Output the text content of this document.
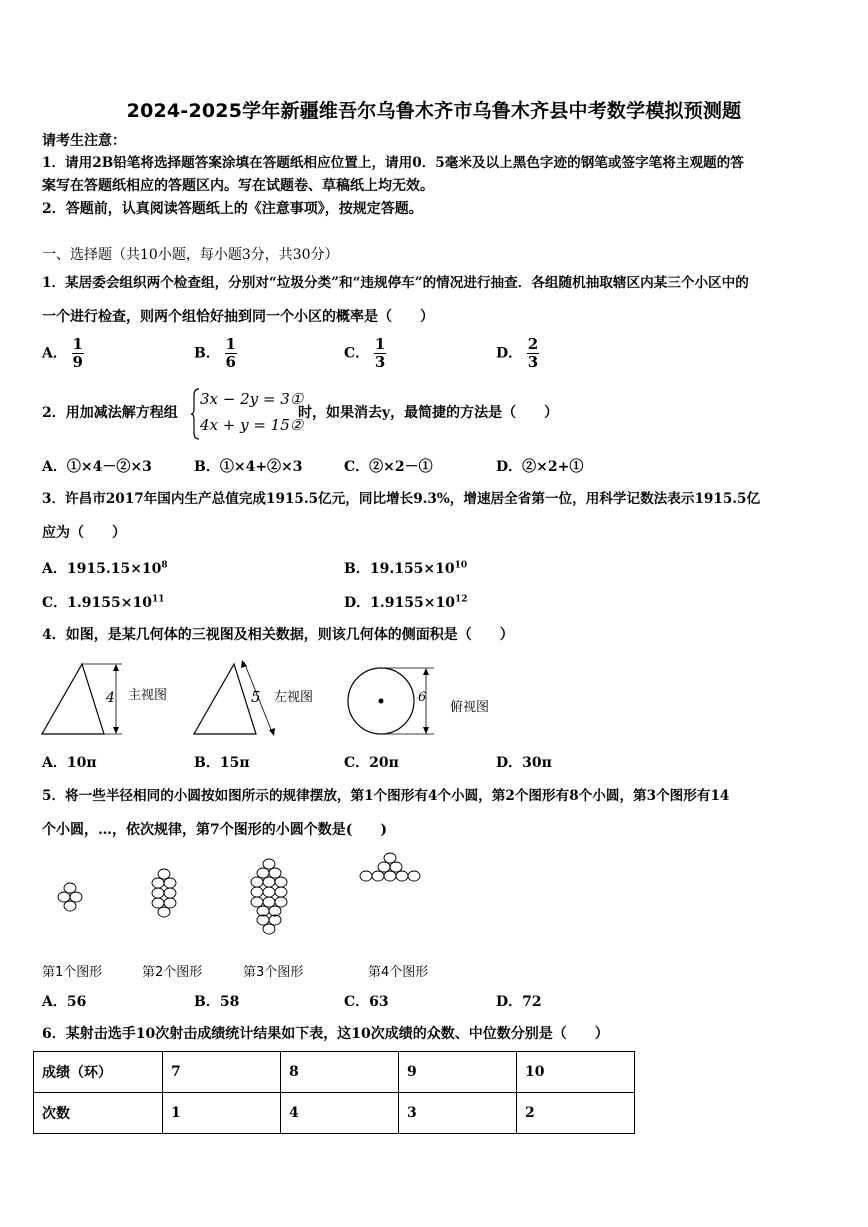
2024-2025学年新疆维吾尔乌鲁木齐市乌鲁木齐县中考数学模拟预测题
请考生注意：
1．请用2B铅笔将选择题答案涂填在答题纸相应位置上，请用0．5毫米及以上黑色字迹的钢笔或签字笔将主观题的答
案写在答题纸相应的答题区内。写在试题卷、草稿纸上均无效。
2．答题前，认真阅读答题纸上的《注意事项》，按规定答题。
一、选择题（共10小题，每小题3分，共30分）
1．某居委会组织两个检查组，分别对“垃圾分类”和“违规停车”的情况进行抽查．各组随机抽取辖区内某三个小区中的
一个进行检查，则两个组恰好抽到同一个小区的概率是（　　）
A． $\frac{1}{9}$	B． $\frac{1}{6}$	C． $\frac{1}{3}$	D． $\frac{2}{3}$
2．用加减法解方程组
3x − 2y = 3①
4x + y = 15②
时，如果消去y，最简捷的方法是（　　）
A．①×4－②×3	B．①×4+②×3	C．②×2－①	D．②×2+①
3．许昌市2017年国内生产总值完成1915.5亿元，同比增长9.3%，增速居全省第一位，用科学记数法表示1915.5亿
应为（　　）
A．$1915.15\times 10^8$	B．$19.155\times 10^{10}$
C．$1.9155\times 10^{11}$	D．$1.9155\times 10^{12}$
4．如图，是某几何体的三视图及相关数据，则该几何体的侧面积是（　　）
4 主视图	5 左视图	6
俯视图
A．10π	B．15π	C．20π	D．30π
5．将一些半径相同的小圆按如图所示的规律摆放，第1个图形有4个小圆，第2个图形有8个小圆，第3个图形有14
个小圆，…，依次规律，第7个图形的小圆个数是(　　)
第1个图形	第2个图形	第3个图形	第4个图形
A．56	B．58	C．63	D．72
6．某射击选手10次射击成绩统计结果如下表，这10次成绩的众数、中位数分别是（　　）
成绩（环）	7	8	9	10
次数	1	4	3	2
